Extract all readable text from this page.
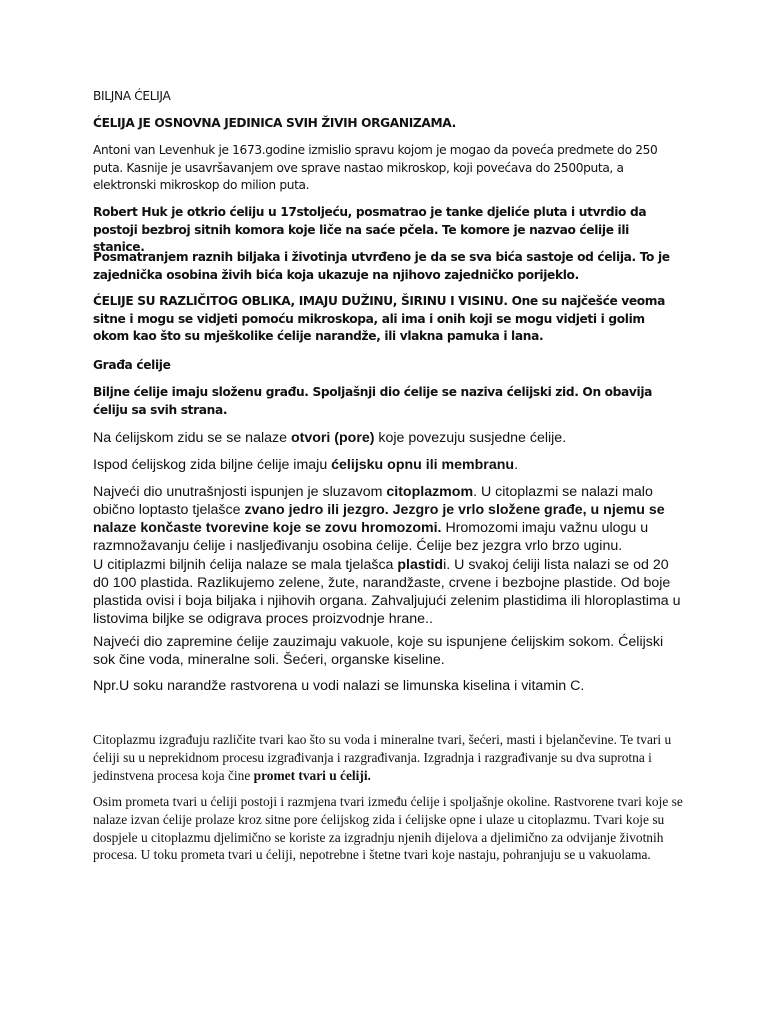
BILJNA ĆELIJA

ĆELIJA JE OSNOVNA JEDINICA SVIH ŽIVIH ORGANIZAMA.

Antoni van Levenhuk je 1673.godine izmislio spravu kojom je mogao da poveća predmete do 250 puta. Kasnije je usavršavanjem ove sprave nastao mikroskop, koji povećava do 2500puta, a elektronski mikroskop do milion puta.

Robert Huk je otkrio ćeliju u 17stoljeću, posmatrao je tanke djeliće pluta i utvrdio da postoji bezbroj sitnih komora koje liče na saće pčela. Te komore je nazvao ćelije ili stanice.

Posmatranjem raznih biljaka i životinja utvrđeno je da se sva bića sastoje od ćelija. To je zajednička osobina živih bića koja ukazuje na njihovo zajedničko porijeklo.

ĆELIJE SU RAZLIČITOG OBLIKA, IMAJU DUŽINU, ŠIRINU I VISINU. One su najčešće veoma sitne i mogu se vidjeti pomoću mikroskopa, ali ima i onih koji se mogu vidjeti i golim okom kao što su mješkolike ćelije narandže, ili vlakna pamuka i lana.

Građa ćelije

Biljne ćelije imaju složenu građu. Spoljašnji dio ćelije se naziva ćelijski zid. On obavija ćeliju sa svih strana.

Na ćelijskom zidu se se nalaze otvori (pore) koje povezuju susjedne ćelije.

Ispod ćelijskog zida biljne ćelije imaju ćelijsku opnu ili membranu.

Najveći dio unutrašnjosti ispunjen je sluzavom citoplazmom. U citoplazmi se nalazi malo obično loptasto tjelašce zvano jedro ili jezgro. Jezgro je vrlo složene građe, u njemu se nalaze končaste tvorevine koje se zovu hromozomi. Hromozomi imaju važnu ulogu u razmnožavanju ćelije i nasljeđivanju osobina ćelije. Ćelije bez jezgra vrlo brzo uginu.

U citiplazmi biljnih ćelija nalaze se mala tjelašca plastidi. U svakoj ćeliji lista nalazi se od 20 d0 100 plastida. Razlikujemo zelene, žute, narandžaste, crvene i bezbojne plastide. Od boje plastida ovisi i boja biljaka i njihovih organa. Zahvaljujući zelenim plastidima ili hloroplastima u listovima biljke se odigrava proces proizvodnje hrane..

Najveći dio zapremine ćelije zauzimaju vakuole, koje su ispunjene ćelijskim sokom. Ćelijski sok čine voda, mineralne soli. Šećeri, organske kiseline.

Npr.U soku narandže rastvorena u vodi nalazi se limunska kiselina i vitamin C.

Citoplazmu izgrađuju različite tvari kao što su voda i mineralne tvari, šećeri, masti i bjelančevine. Te tvari u ćeliji su u neprekidnom procesu izgrađivanja i razgrađivanja. Izgradnja i razgrađivanje su dva suprotna i jedinstvena procesa koja čine promet tvari u ćeliji.

Osim prometa tvari u ćeliji postoji i razmjena tvari između ćelije i spoljašnje okoline. Rastvorene tvari koje se nalaze izvan ćelije prolaze kroz sitne pore ćelijskog zida i ćelijske opne i ulaze u citoplazmu. Tvari koje su dospjele u citoplazmu djelimično se koriste za izgradnju njenih dijelova a djelimično za odvijanje životnih procesa. U toku prometa tvari u ćeliji, nepotrebne i štetne tvari koje nastaju, pohranjuju se u vakuolama.
